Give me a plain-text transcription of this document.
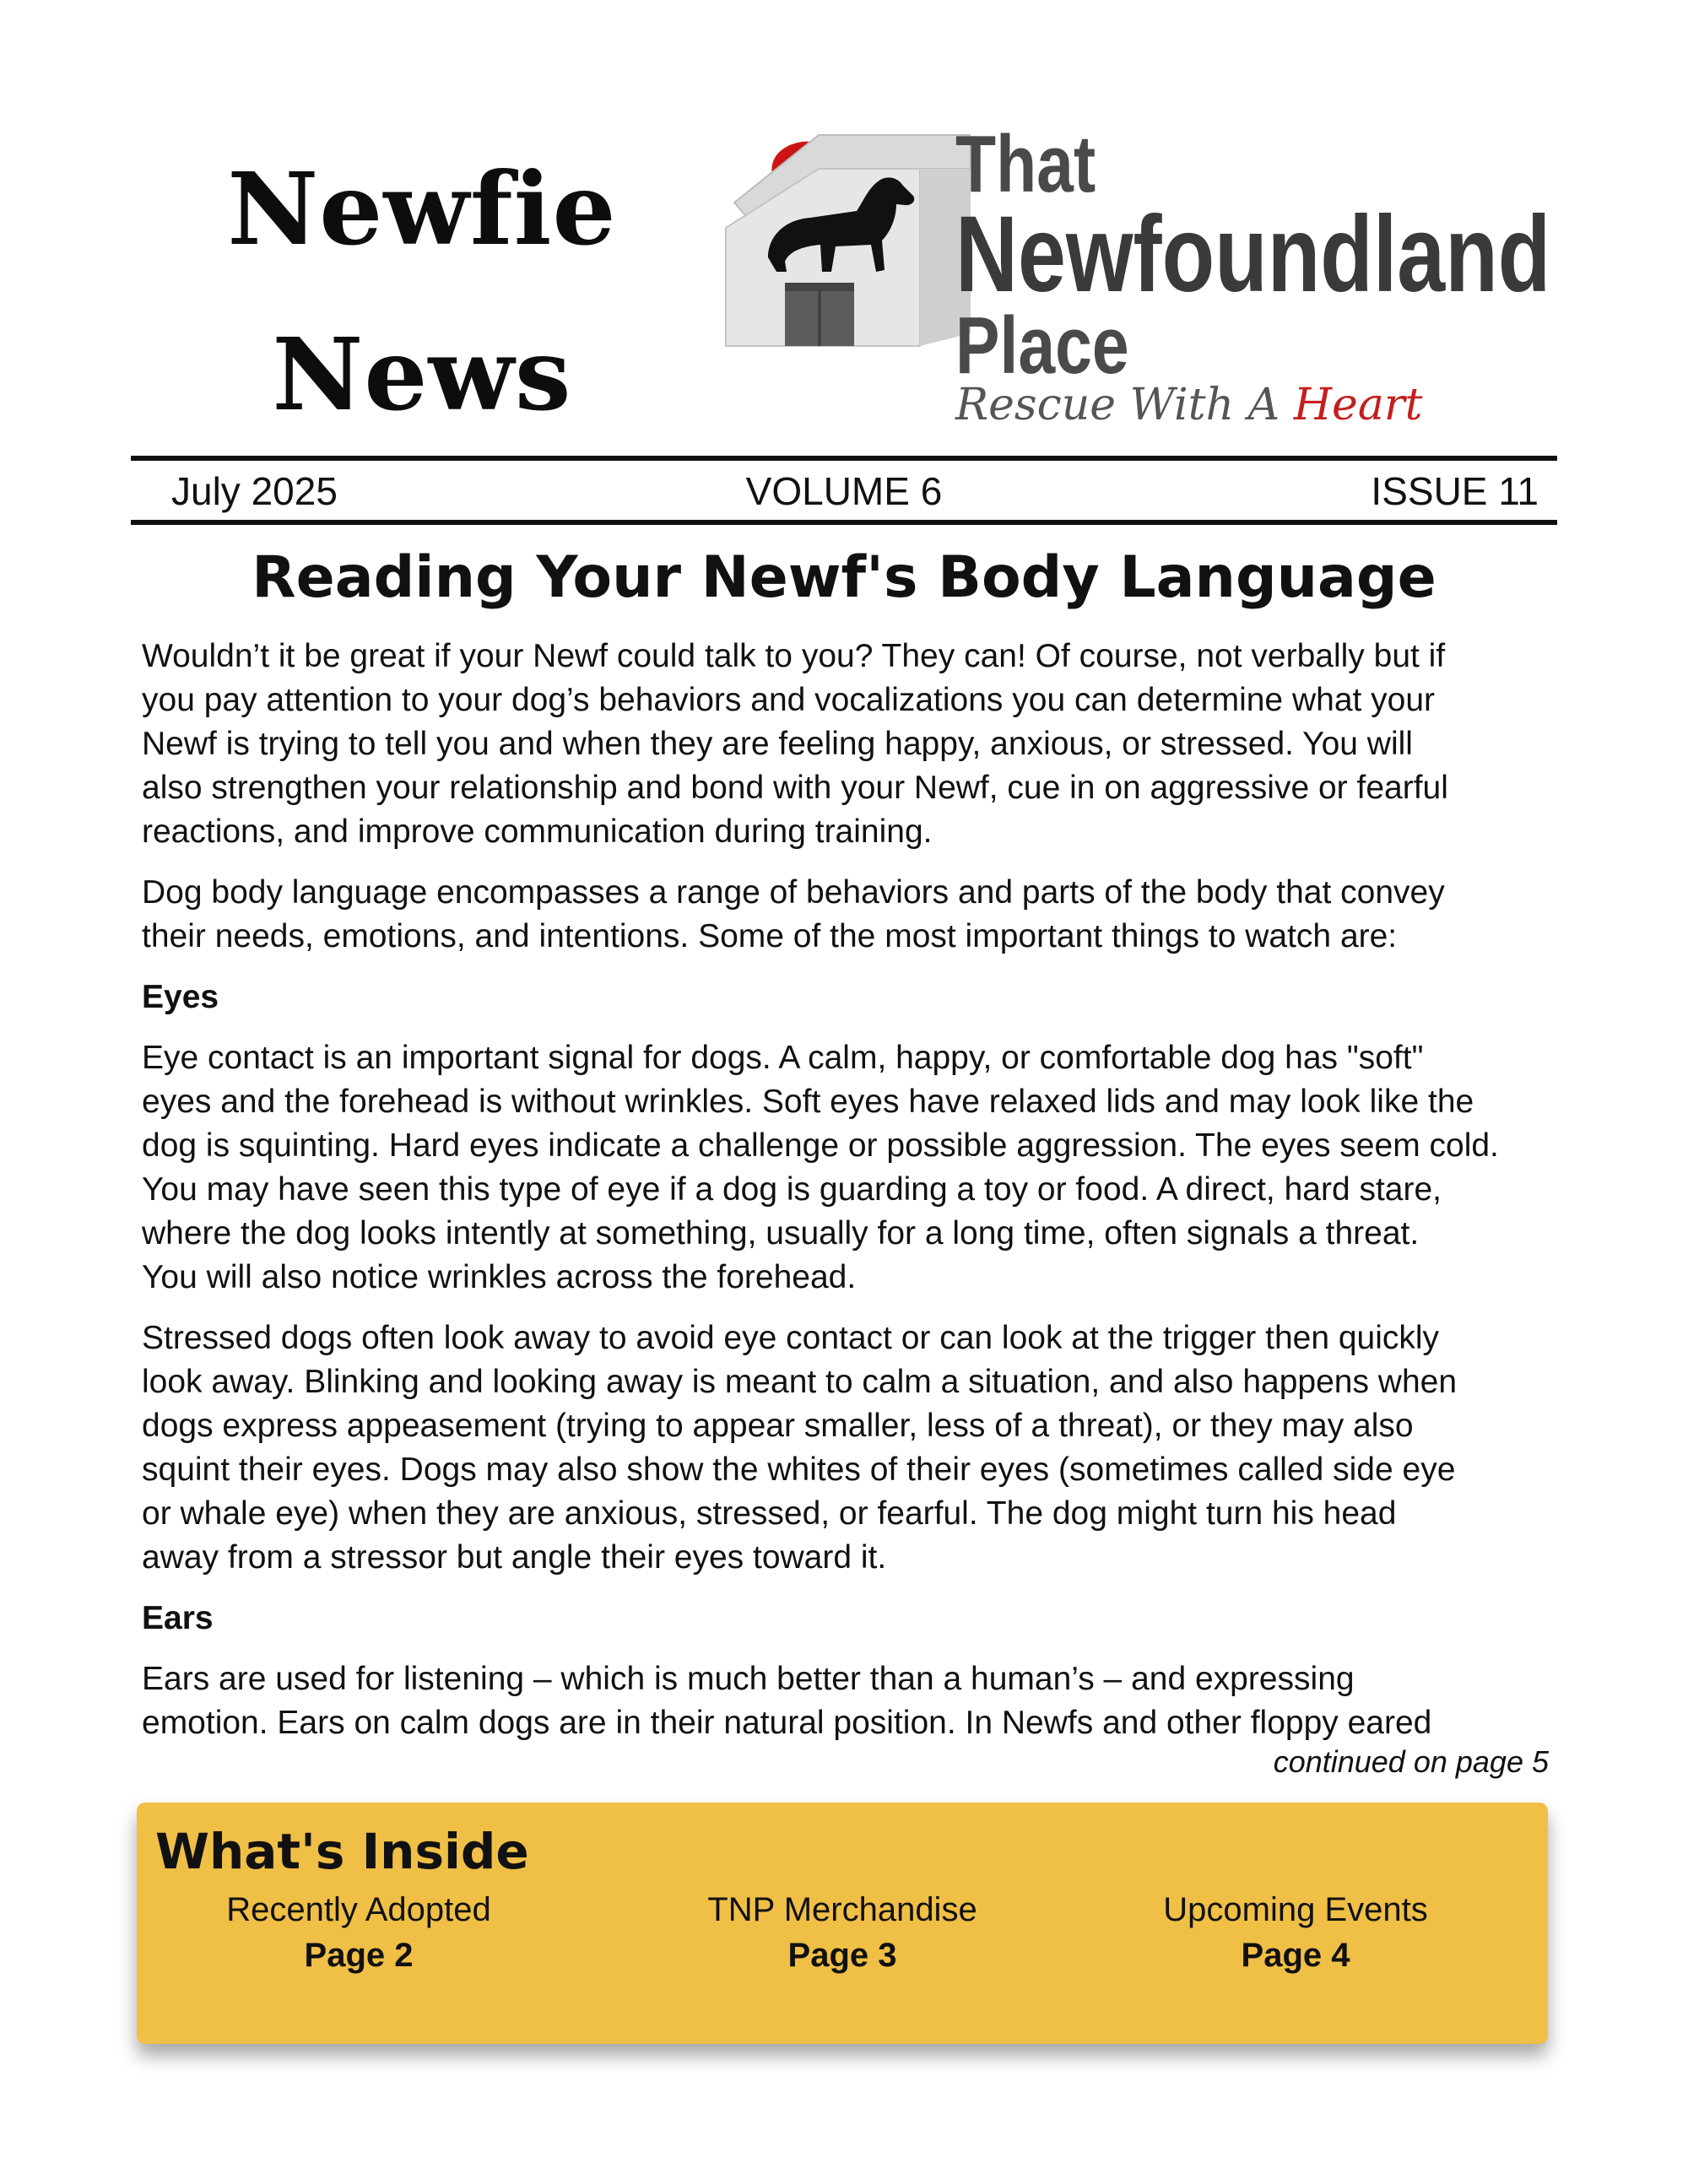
Newfie
News
That
Newfoundland
Place
Rescue With A Heart
July 2025	VOLUME 6	ISSUE 11
Reading Your Newf's Body Language

Wouldn’t it be great if your Newf could talk to you? They can! Of course, not verbally but if
you pay attention to your dog’s behaviors and vocalizations you can determine what your
Newf is trying to tell you and when they are feeling happy, anxious, or stressed. You will
also strengthen your relationship and bond with your Newf, cue in on aggressive or fearful
reactions, and improve communication during training.

Dog body language encompasses a range of behaviors and parts of the body that convey
their needs, emotions, and intentions. Some of the most important things to watch are:

Eyes

Eye contact is an important signal for dogs. A calm, happy, or comfortable dog has "soft"
eyes and the forehead is without wrinkles. Soft eyes have relaxed lids and may look like the
dog is squinting. Hard eyes indicate a challenge or possible aggression. The eyes seem cold.
You may have seen this type of eye if a dog is guarding a toy or food. A direct, hard stare,
where the dog looks intently at something, usually for a long time, often signals a threat.
You will also notice wrinkles across the forehead.

Stressed dogs often look away to avoid eye contact or can look at the trigger then quickly
look away. Blinking and looking away is meant to calm a situation, and also happens when
dogs express appeasement (trying to appear smaller, less of a threat), or they may also
squint their eyes. Dogs may also show the whites of their eyes (sometimes called side eye
or whale eye) when they are anxious, stressed, or fearful. The dog might turn his head
away from a stressor but angle their eyes toward it.

Ears

Ears are used for listening – which is much better than a human’s – and expressing
emotion. Ears on calm dogs are in their natural position. In Newfs and other floppy eared

continued on page 5
What's Inside
Recently Adopted
Page 2
TNP Merchandise
Page 3
Upcoming Events
Page 4
